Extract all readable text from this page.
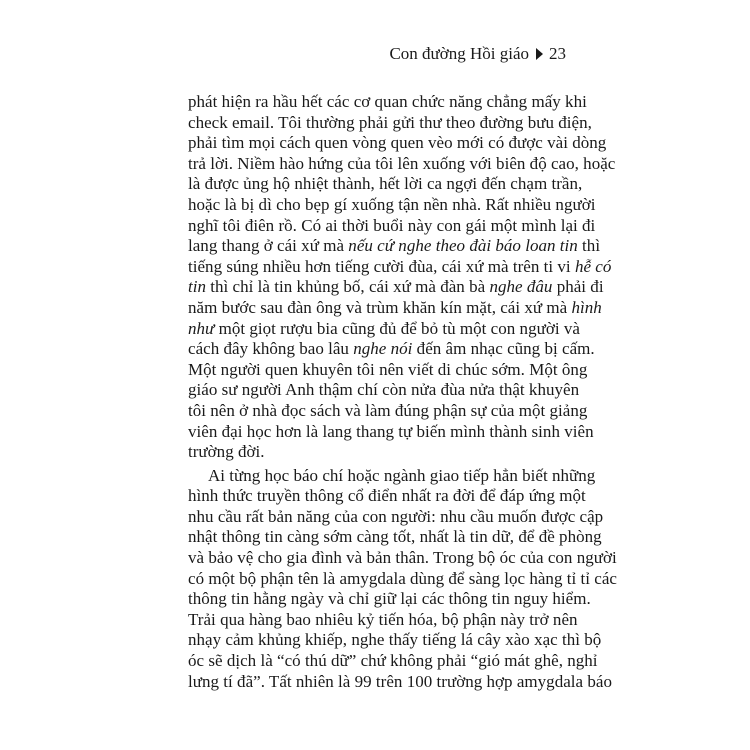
Con đường Hồi giáo 23
phát hiện ra hầu hết các cơ quan chức năng chẳng mấy khi
check email. Tôi thường phải gửi thư theo đường bưu điện,
phải tìm mọi cách quen vòng quen vèo mới có được vài dòng
trả lời. Niềm hào hứng của tôi lên xuống với biên độ cao, hoặc
là được ủng hộ nhiệt thành, hết lời ca ngợi đến chạm trần,
hoặc là bị dì cho bẹp gí xuống tận nền nhà. Rất nhiều người
nghĩ tôi điên rồ. Có ai thời buổi này con gái một mình lại đi
lang thang ở cái xứ mà nếu cứ nghe theo đài báo loan tin thì
tiếng súng nhiều hơn tiếng cười đùa, cái xứ mà trên ti vi hễ có
tin thì chỉ là tin khủng bố, cái xứ mà đàn bà nghe đâu phải đi
năm bước sau đàn ông và trùm khăn kín mặt, cái xứ mà hình
như một giọt rượu bia cũng đủ để bỏ tù một con người và
cách đây không bao lâu nghe nói đến âm nhạc cũng bị cấm.
Một người quen khuyên tôi nên viết di chúc sớm. Một ông
giáo sư người Anh thậm chí còn nửa đùa nửa thật khuyên
tôi nên ở nhà đọc sách và làm đúng phận sự của một giảng
viên đại học hơn là lang thang tự biến mình thành sinh viên
trường đời.
Ai từng học báo chí hoặc ngành giao tiếp hẳn biết những
hình thức truyền thông cổ điển nhất ra đời để đáp ứng một
nhu cầu rất bản năng của con người: nhu cầu muốn được cập
nhật thông tin càng sớm càng tốt, nhất là tin dữ, để đề phòng
và bảo vệ cho gia đình và bản thân. Trong bộ óc của con người
có một bộ phận tên là amygdala dùng để sàng lọc hàng tỉ tỉ các
thông tin hằng ngày và chỉ giữ lại các thông tin nguy hiểm.
Trải qua hàng bao nhiêu kỷ tiến hóa, bộ phận này trở nên
nhạy cảm khủng khiếp, nghe thấy tiếng lá cây xào xạc thì bộ
óc sẽ dịch là “có thú dữ” chứ không phải “gió mát ghê, nghỉ
lưng tí đã”. Tất nhiên là 99 trên 100 trường hợp amygdala báo
